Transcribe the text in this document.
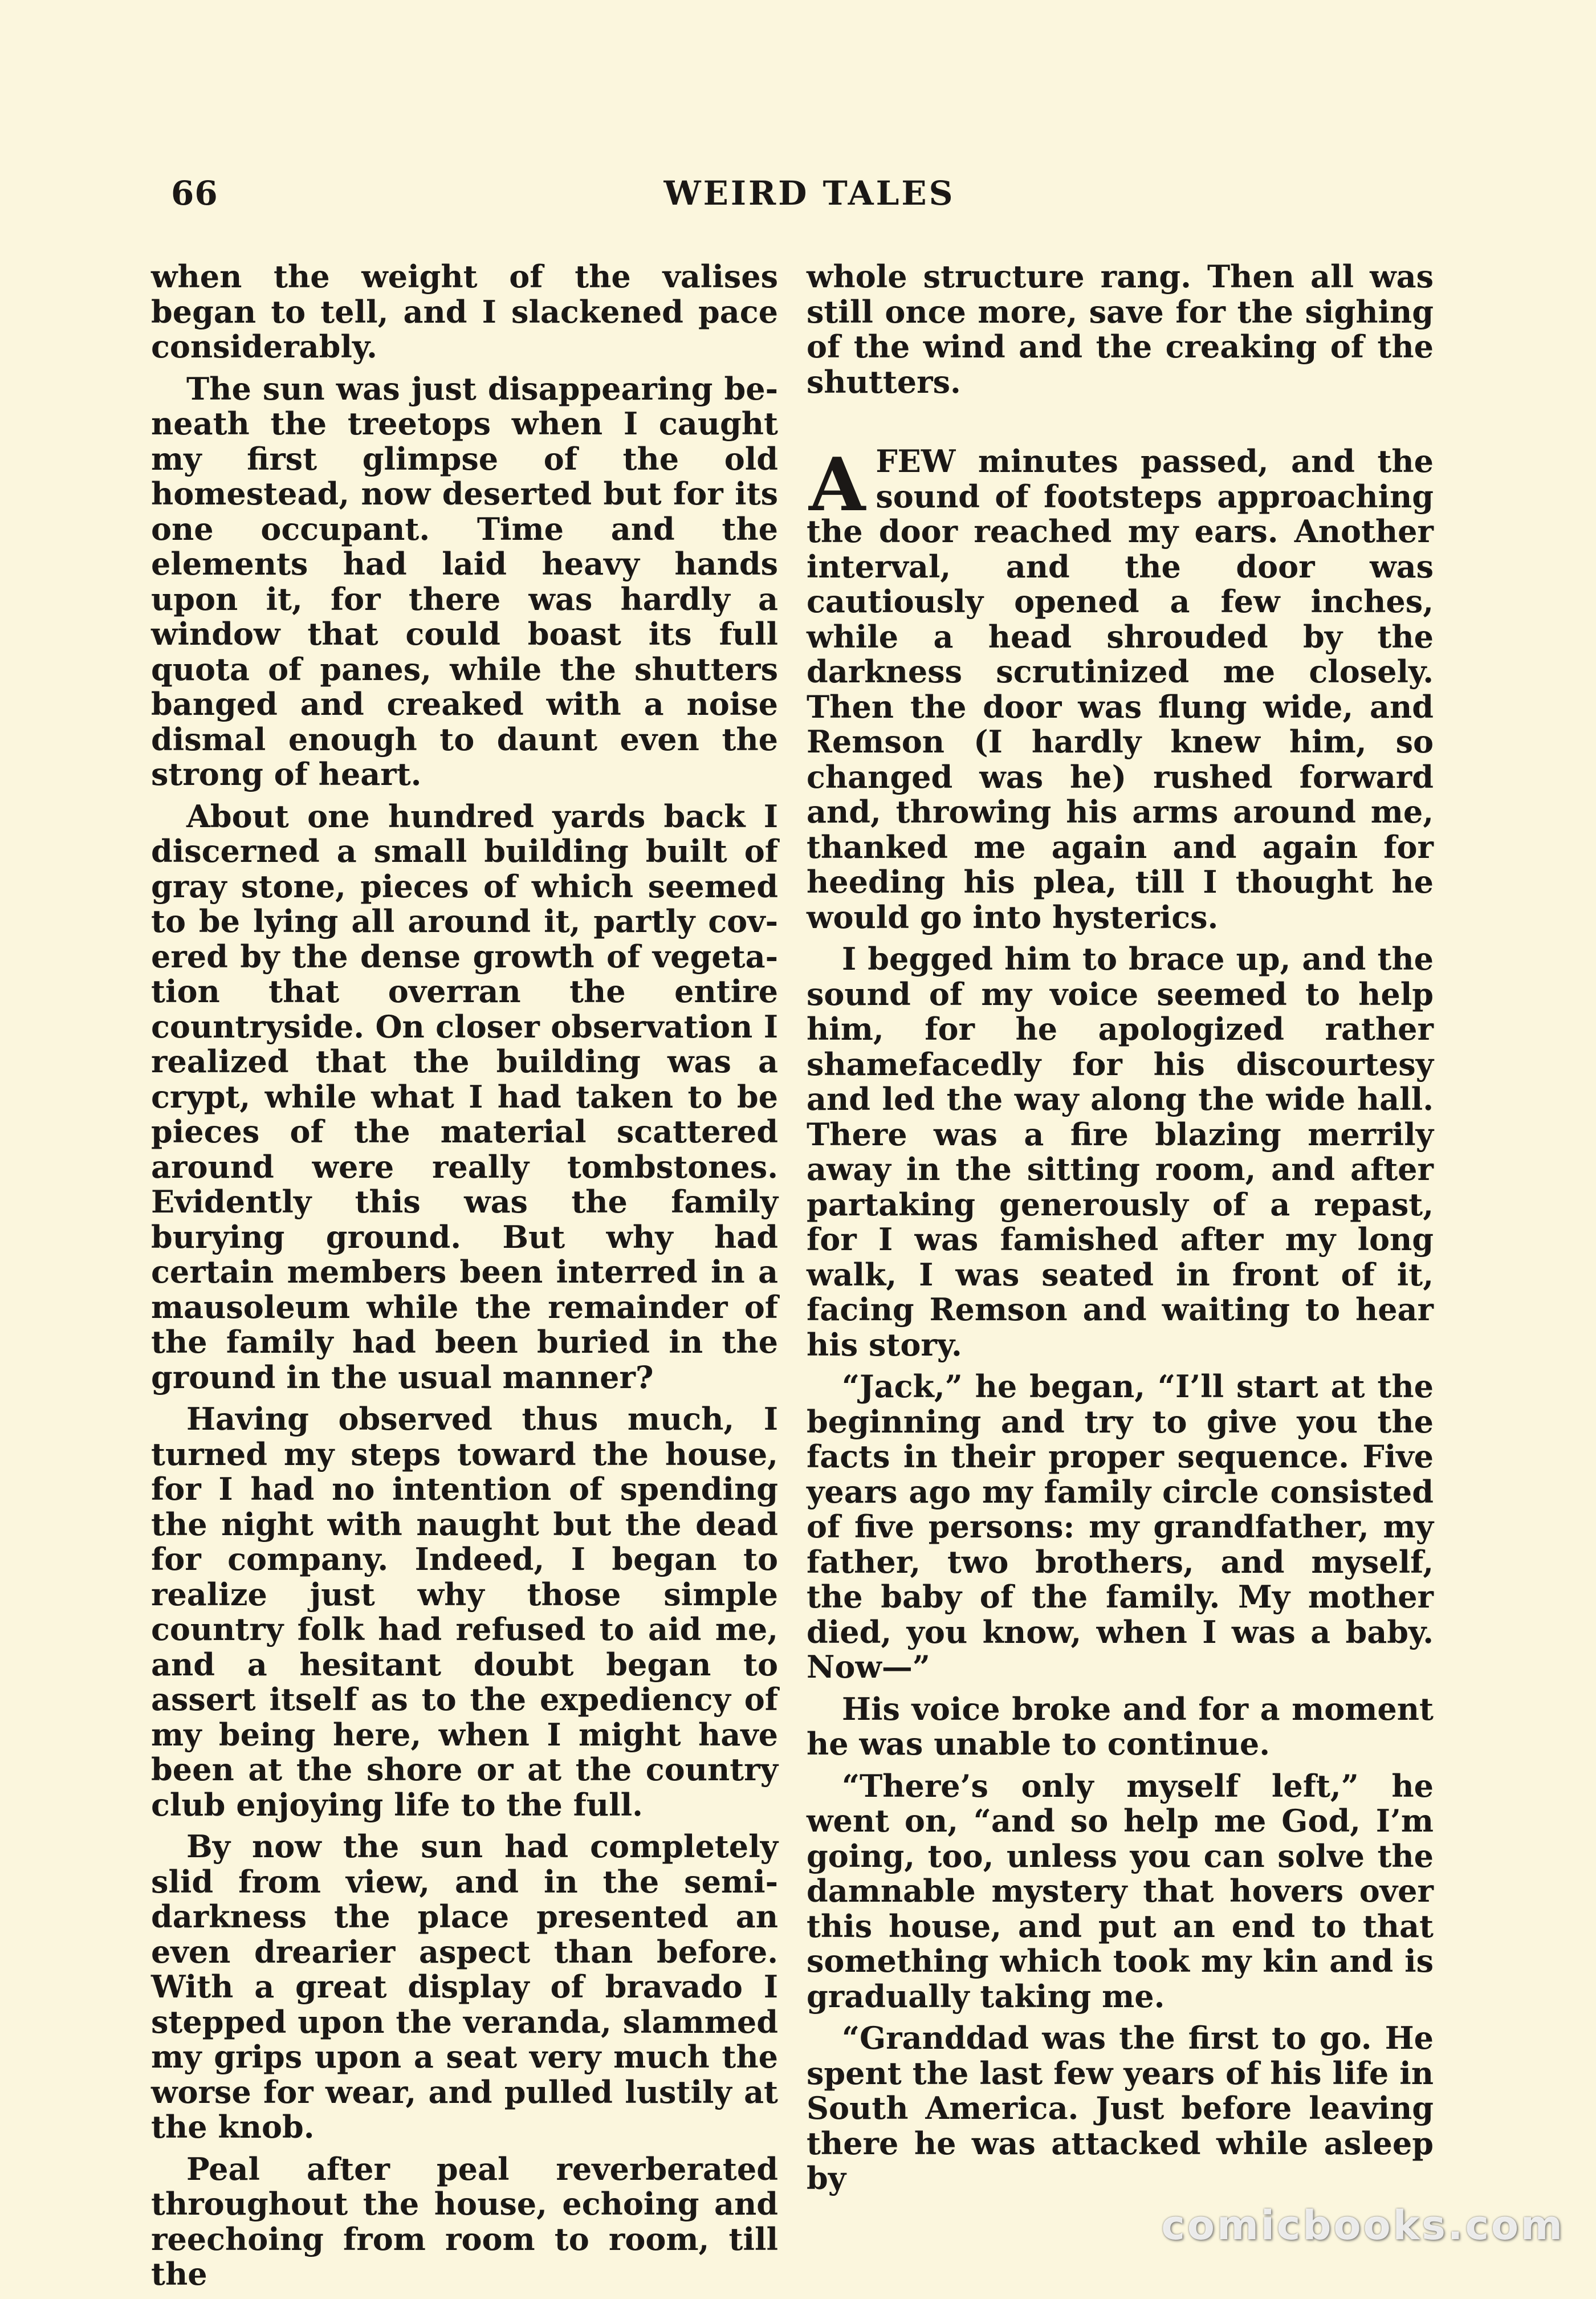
66	WEIRD TALES

when the weight of the valises began to tell, and I slackened pace considerably.

The sun was just disappearing beneath the treetops when I caught my first glimpse of the old homestead, now deserted but for its one occupant. Time and the elements had laid heavy hands upon it, for there was hardly a window that could boast its full quota of panes, while the shutters banged and creaked with a noise dismal enough to daunt even the strong of heart.

About one hundred yards back I discerned a small building built of gray stone, pieces of which seemed to be lying all around it, partly covered by the dense growth of vegetation that overran the entire countryside. On closer observation I realized that the building was a crypt, while what I had taken to be pieces of the material scattered around were really tombstones. Evidently this was the family burying ground. But why had certain members been interred in a mausoleum while the remainder of the family had been buried in the ground in the usual manner?

Having observed thus much, I turned my steps toward the house, for I had no intention of spending the night with naught but the dead for company. Indeed, I began to realize just why those simple country folk had refused to aid me, and a hesitant doubt began to assert itself as to the expediency of my being here, when I might have been at the shore or at the country club enjoying life to the full.

By now the sun had completely slid from view, and in the semi-darkness the place presented an even drearier aspect than before. With a great display of bravado I stepped upon the veranda, slammed my grips upon a seat very much the worse for wear, and pulled lustily at the knob.

Peal after peal reverberated throughout the house, echoing and reechoing from room to room, till the

whole structure rang. Then all was still once more, save for the sighing of the wind and the creaking of the shutters.

AFEW minutes passed, and the sound of footsteps approaching the door reached my ears. Another interval, and the door was cautiously opened a few inches, while a head shrouded by the darkness scrutinized me closely. Then the door was flung wide, and Remson (I hardly knew him, so changed was he) rushed forward and, throwing his arms around me, thanked me again and again for heeding his plea, till I thought he would go into hysterics.

I begged him to brace up, and the sound of my voice seemed to help him, for he apologized rather shamefacedly for his discourtesy and led the way along the wide hall. There was a fire blazing merrily away in the sitting room, and after partaking generously of a repast, for I was famished after my long walk, I was seated in front of it, facing Remson and waiting to hear his story.

“Jack,” he began, “I’ll start at the beginning and try to give you the facts in their proper sequence. Five years ago my family circle consisted of five persons: my grandfather, my father, two brothers, and myself, the baby of the family. My mother died, you know, when I was a baby. Now—”

His voice broke and for a moment he was unable to continue.

“There’s only myself left,” he went on, “and so help me God, I’m going, too, unless you can solve the damnable mystery that hovers over this house, and put an end to that something which took my kin and is gradually taking me.

“Granddad was the first to go. He spent the last few years of his life in South America. Just before leaving there he was attacked while asleep by

comicbooks.com
